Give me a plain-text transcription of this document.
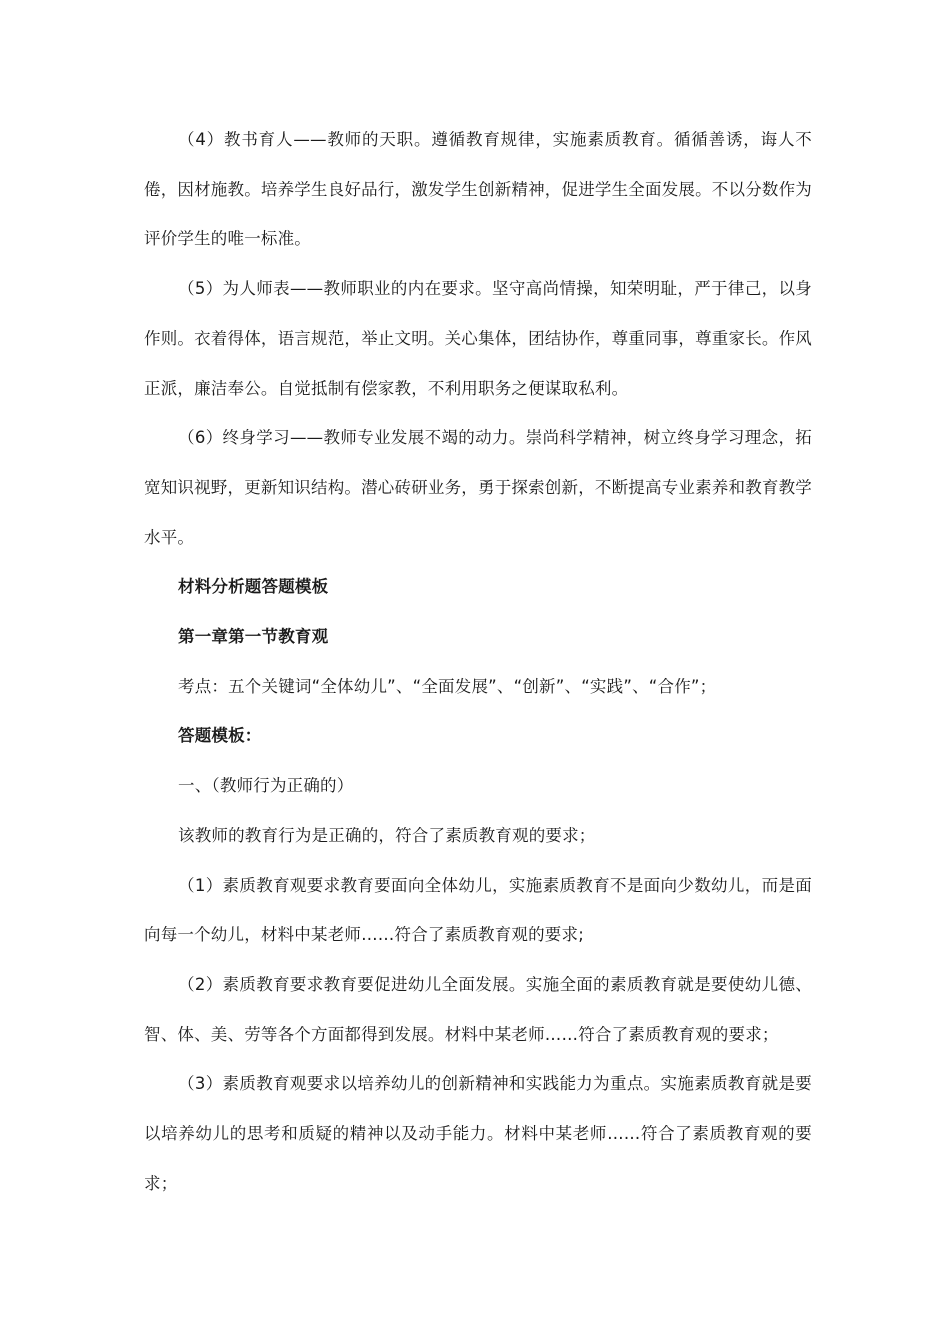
（4）教书育人——教师的天职。遵循教育规律，实施素质教育。循循善诱，诲人不倦，因材施教。培养学生良好品行，激发学生创新精神，促进学生全面发展。不以分数作为评价学生的唯一标准。

（5）为人师表——教师职业的内在要求。坚守高尚情操，知荣明耻，严于律己，以身作则。衣着得体，语言规范，举止文明。关心集体，团结协作，尊重同事，尊重家长。作风正派，廉洁奉公。自觉抵制有偿家教，不利用职务之便谋取私利。

（6）终身学习——教师专业发展不竭的动力。崇尚科学精神，树立终身学习理念，拓宽知识视野，更新知识结构。潜心砖研业务，勇于探索创新，不断提高专业素养和教育教学水平。

材料分析题答题模板

第一章第一节教育观

考点：五个关键词“全体幼儿”、“全面发展”、“创新”、“实践”、“合作”；

答题模板：

一、（教师行为正确的）

该教师的教育行为是正确的，符合了素质教育观的要求；

（1）素质教育观要求教育要面向全体幼儿，实施素质教育不是面向少数幼儿，而是面向每一个幼儿，材料中某老师……符合了素质教育观的要求;

（2）素质教育要求教育要促进幼儿全面发展。实施全面的素质教育就是要使幼儿德、智、体、美、劳等各个方面都得到发展。材料中某老师……符合了素质教育观的要求；

（3）素质教育观要求以培养幼儿的创新精神和实践能力为重点。实施素质教育就是要以培养幼儿的思考和质疑的精神以及动手能力。材料中某老师……符合了素质教育观的要求；
